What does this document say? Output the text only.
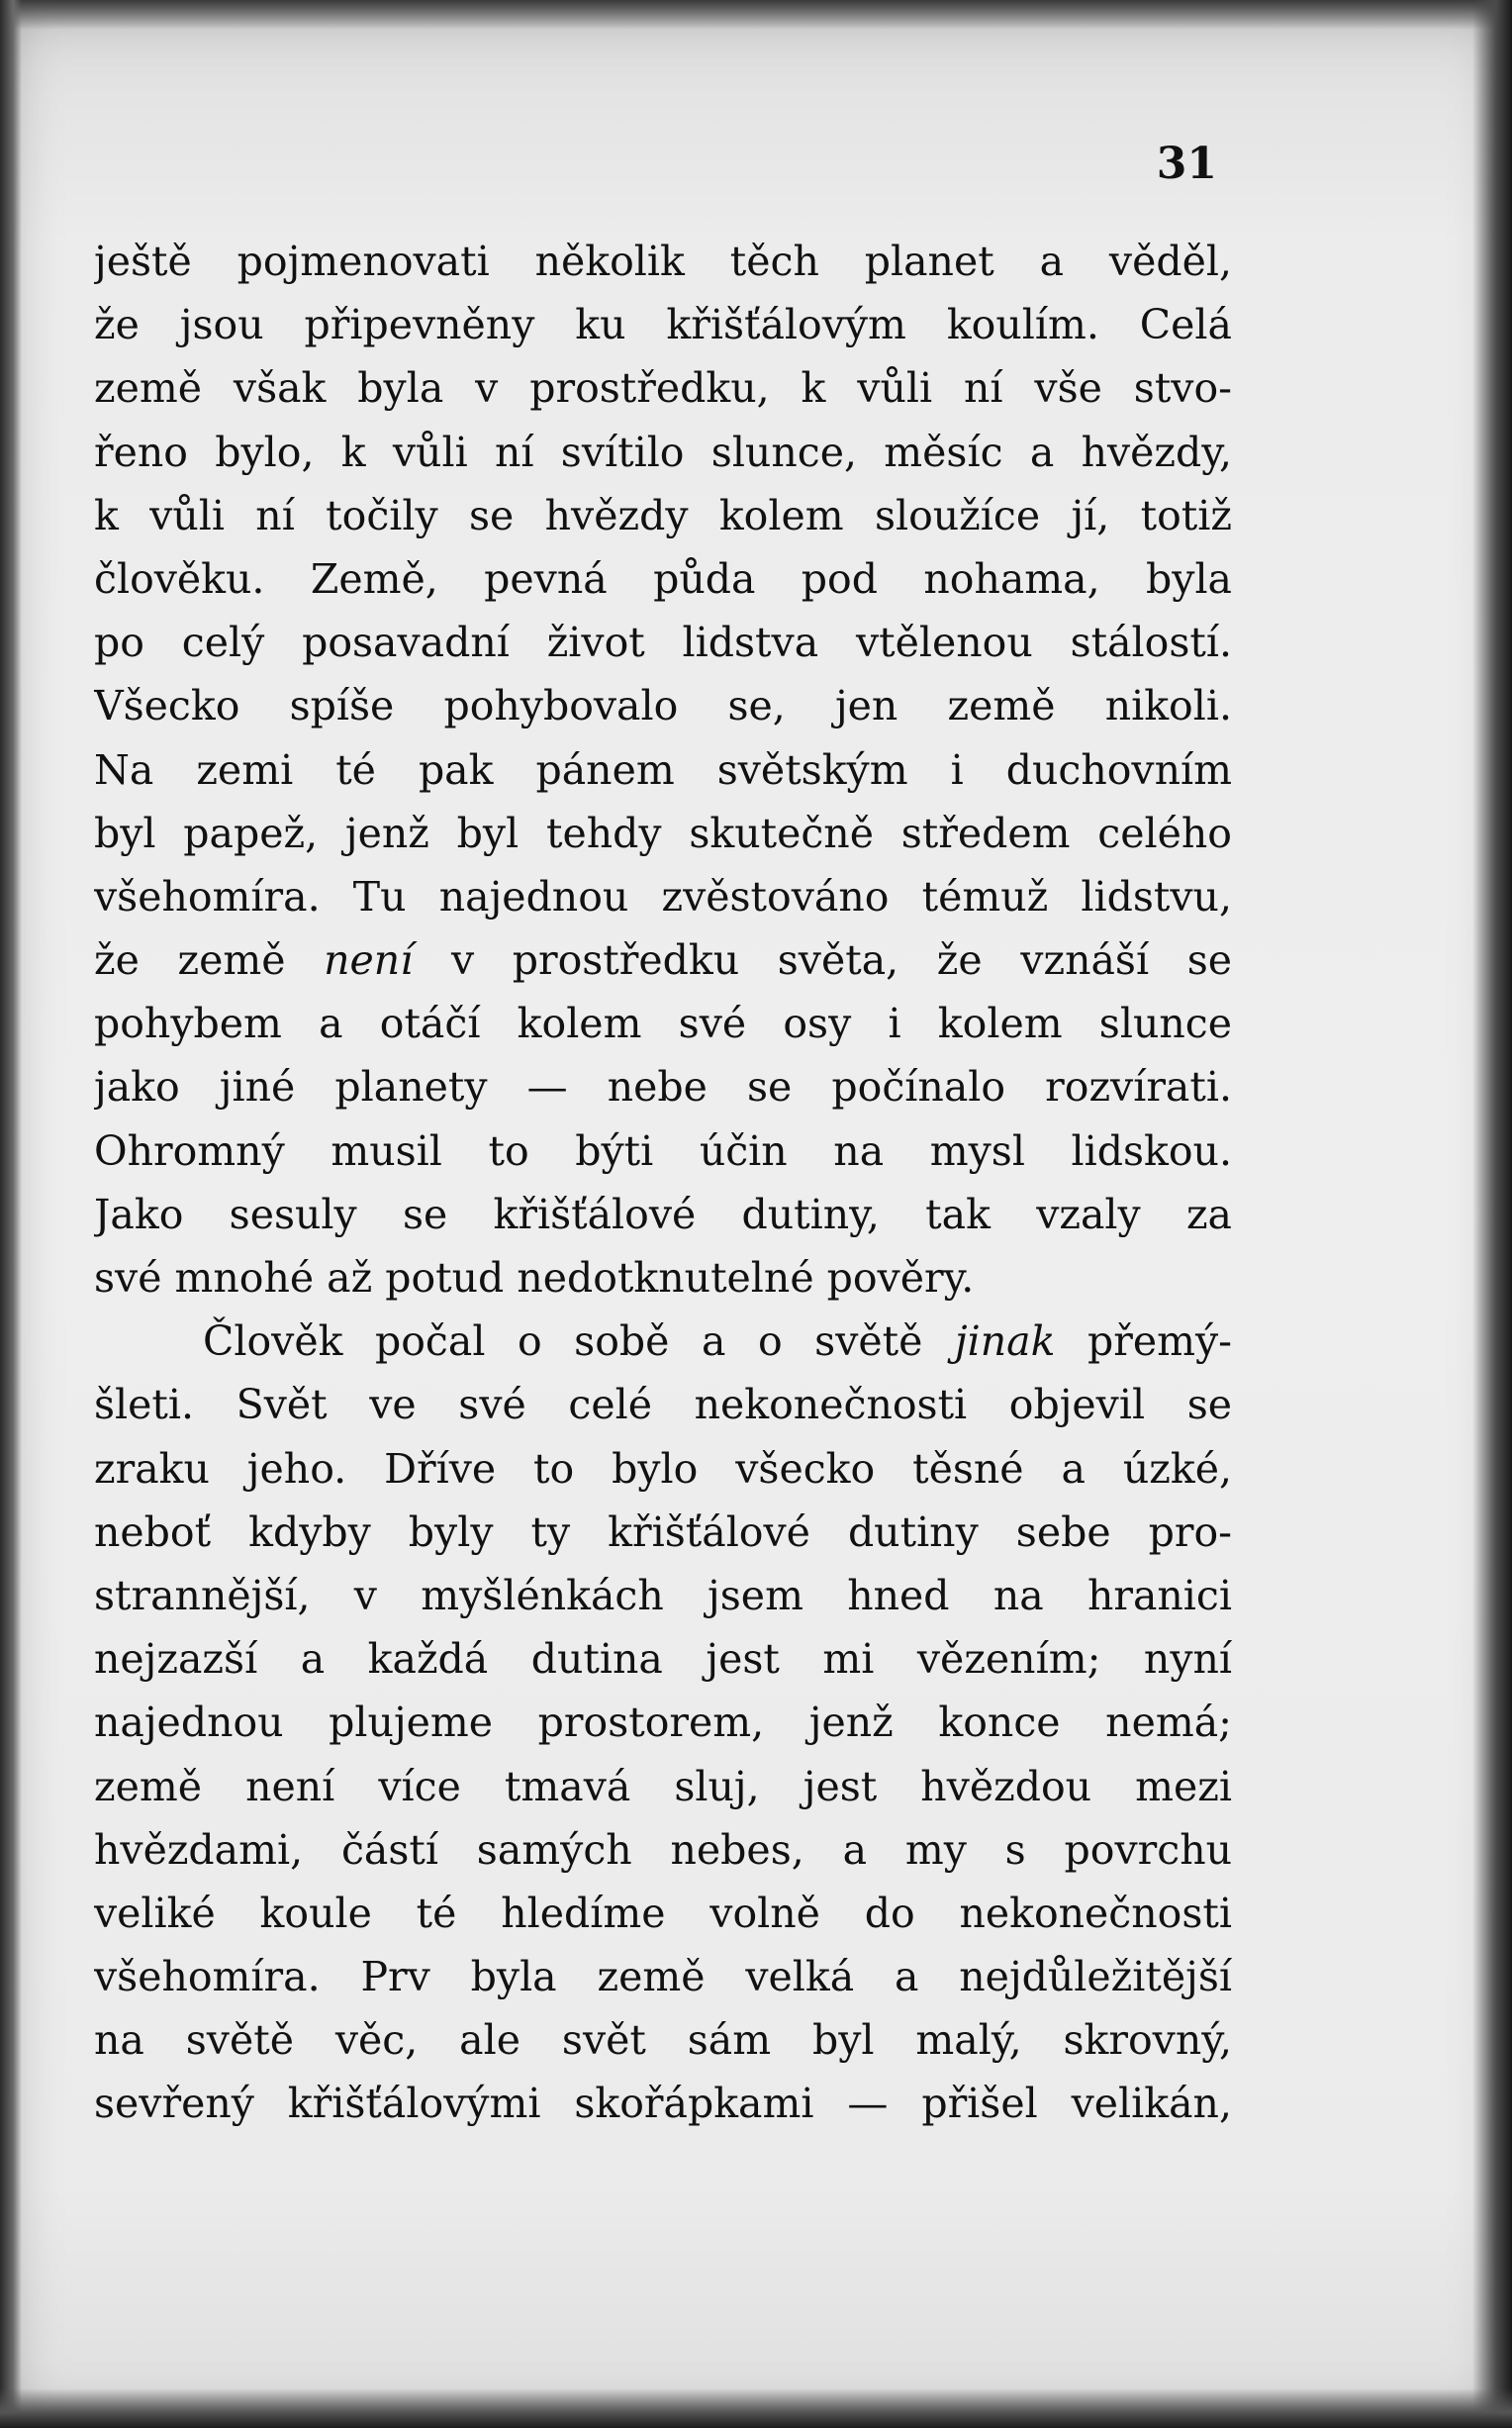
31
ještě pojmenovati několik těch planet a věděl,
že jsou připevněny ku křišťálovým koulím. Celá
země však byla v prostředku, k vůli ní vše stvo-
řeno bylo, k vůli ní svítilo slunce, měsíc a hvězdy,
k vůli ní točily se hvězdy kolem sloužíce jí, totiž
člověku. Země, pevná půda pod nohama, byla
po celý posavadní život lidstva vtělenou stálostí.
Všecko spíše pohybovalo se, jen země nikoli.
Na zemi té pak pánem světským i duchovním
byl papež, jenž byl tehdy skutečně středem celého
všehomíra. Tu najednou zvěstováno témuž lidstvu,
že země není v prostředku světa, že vznáší se
pohybem a otáčí kolem své osy i kolem slunce
jako jiné planety — nebe se počínalo rozvírati.
Ohromný musil to býti účin na mysl lidskou.
Jako sesuly se křišťálové dutiny, tak vzaly za
své mnohé až potud nedotknutelné pověry.
Člověk počal o sobě a o světě jinak přemý-
šleti. Svět ve své celé nekonečnosti objevil se
zraku jeho. Dříve to bylo všecko těsné a úzké,
neboť kdyby byly ty křišťálové dutiny sebe pro-
strannější, v myšlénkách jsem hned na hranici
nejzazší a každá dutina jest mi vězením; nyní
najednou plujeme prostorem, jenž konce nemá;
země není více tmavá sluj, jest hvězdou mezi
hvězdami, částí samých nebes, a my s povrchu
veliké koule té hledíme volně do nekonečnosti
všehomíra. Prv byla země velká a nejdůležitější
na světě věc, ale svět sám byl malý, skrovný,
sevřený křišťálovými skořápkami — přišel velikán,
